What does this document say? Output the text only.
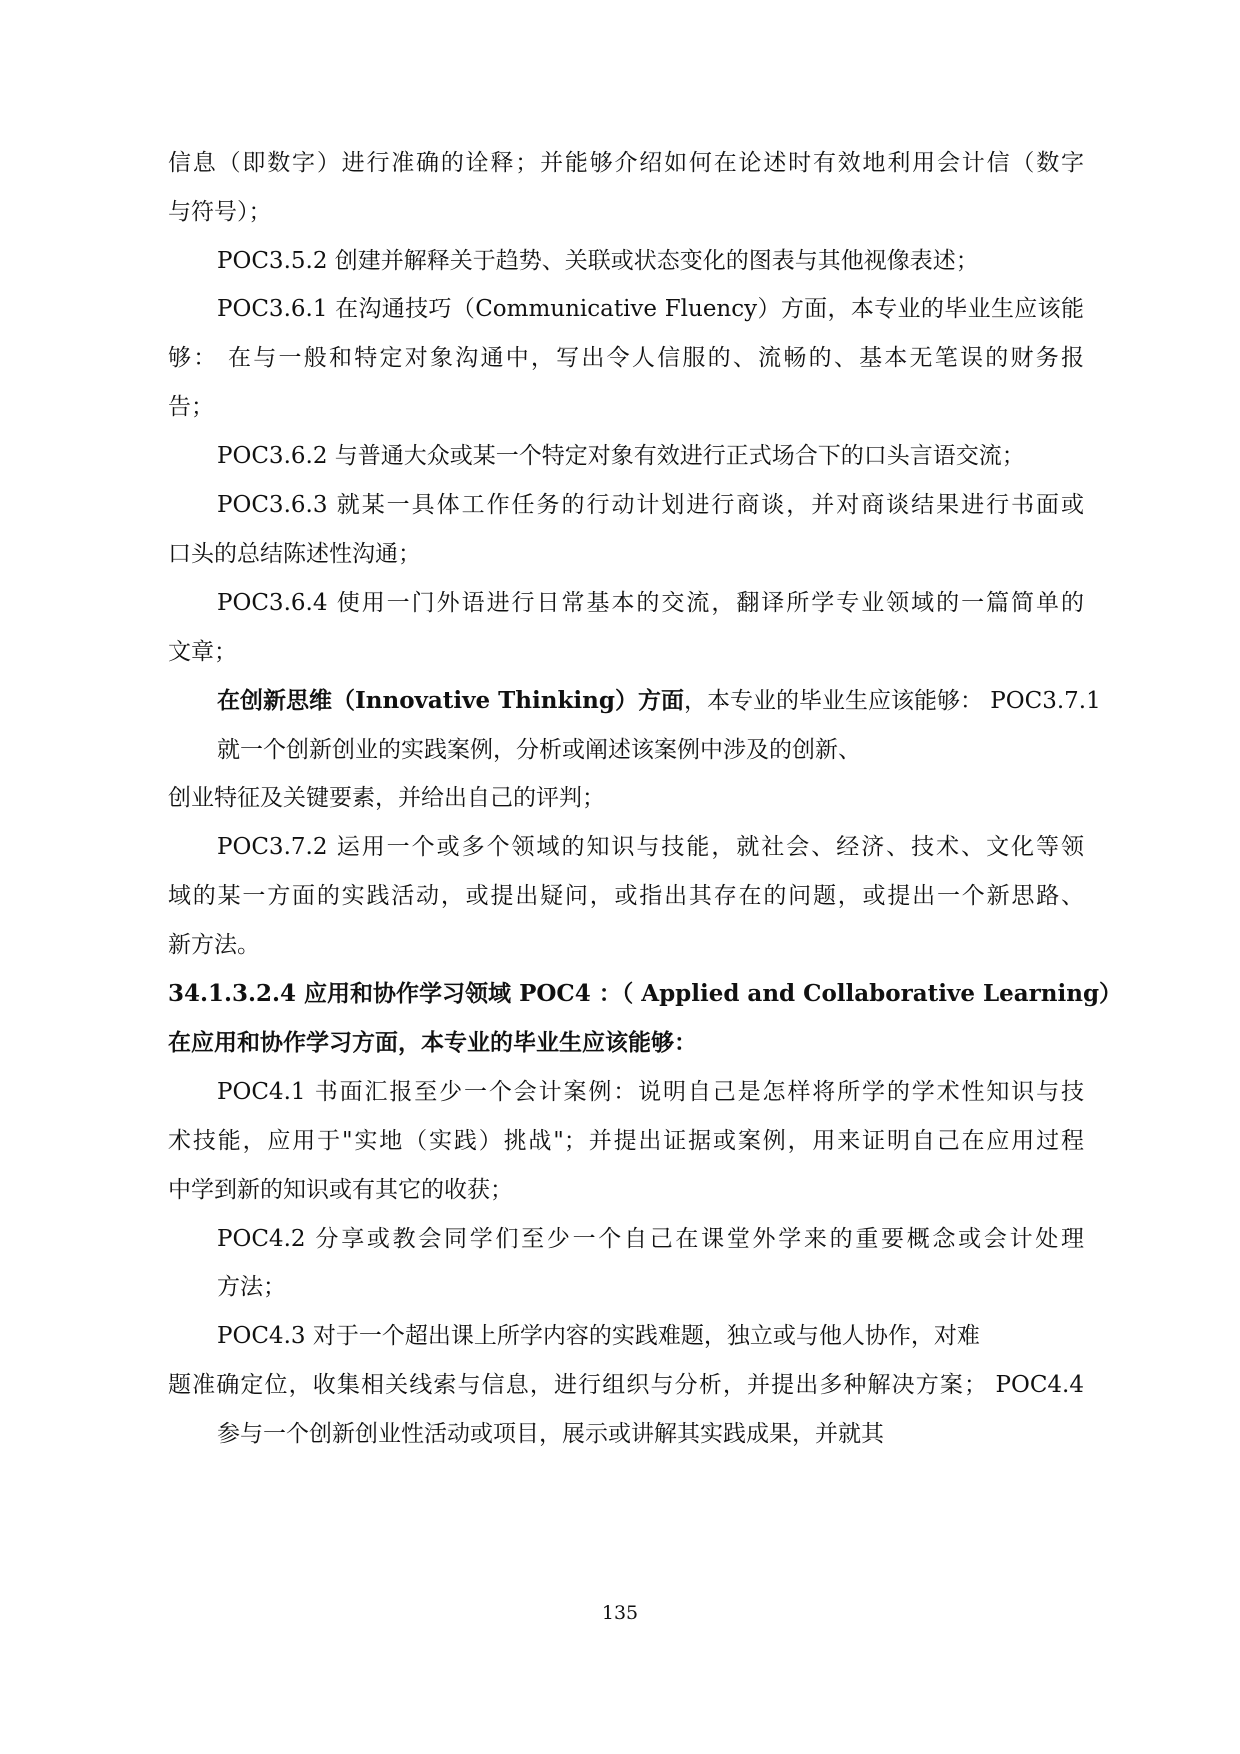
信息（即数字）进行准确的诠释；并能够介绍如何在论述时有效地利用会计信（数字
与符号）；
POC3.5.2 创建并解释关于趋势、关联或状态变化的图表与其他视像表述；
POC3.6.1 在沟通技巧（Communicative Fluency）方面，本专业的毕业生应该能
够： 在与一般和特定对象沟通中，写出令人信服的、流畅的、基本无笔误的财务报
告；
POC3.6.2 与普通大众或某一个特定对象有效进行正式场合下的口头言语交流；
POC3.6.3 就某一具体工作任务的行动计划进行商谈，并对商谈结果进行书面或
口头的总结陈述性沟通；
POC3.6.4 使用一门外语进行日常基本的交流，翻译所学专业领域的一篇简单的
文章；
在创新思维（Innovative Thinking）方面，本专业的毕业生应该能够： POC3.7.1
就一个创新创业的实践案例，分析或阐述该案例中涉及的创新、
创业特征及关键要素，并给出自己的评判；
POC3.7.2 运用一个或多个领域的知识与技能，就社会、经济、技术、文化等领
域的某一方面的实践活动，或提出疑问，或指出其存在的问题，或提出一个新思路、
新方法。
34.1.3.2.4 应用和协作学习领域 POC4 ：（ Applied and Collaborative Learning）
在应用和协作学习方面，本专业的毕业生应该能够：
POC4.1 书面汇报至少一个会计案例：说明自己是怎样将所学的学术性知识与技
术技能，应用于"实地（实践）挑战"；并提出证据或案例，用来证明自己在应用过程
中学到新的知识或有其它的收获；
POC4.2 分享或教会同学们至少一个自己在课堂外学来的重要概念或会计处理
方法；
POC4.3 对于一个超出课上所学内容的实践难题，独立或与他人协作，对难
题准确定位，收集相关线索与信息，进行组织与分析，并提出多种解决方案； POC4.4
参与一个创新创业性活动或项目，展示或讲解其实践成果，并就其
135
